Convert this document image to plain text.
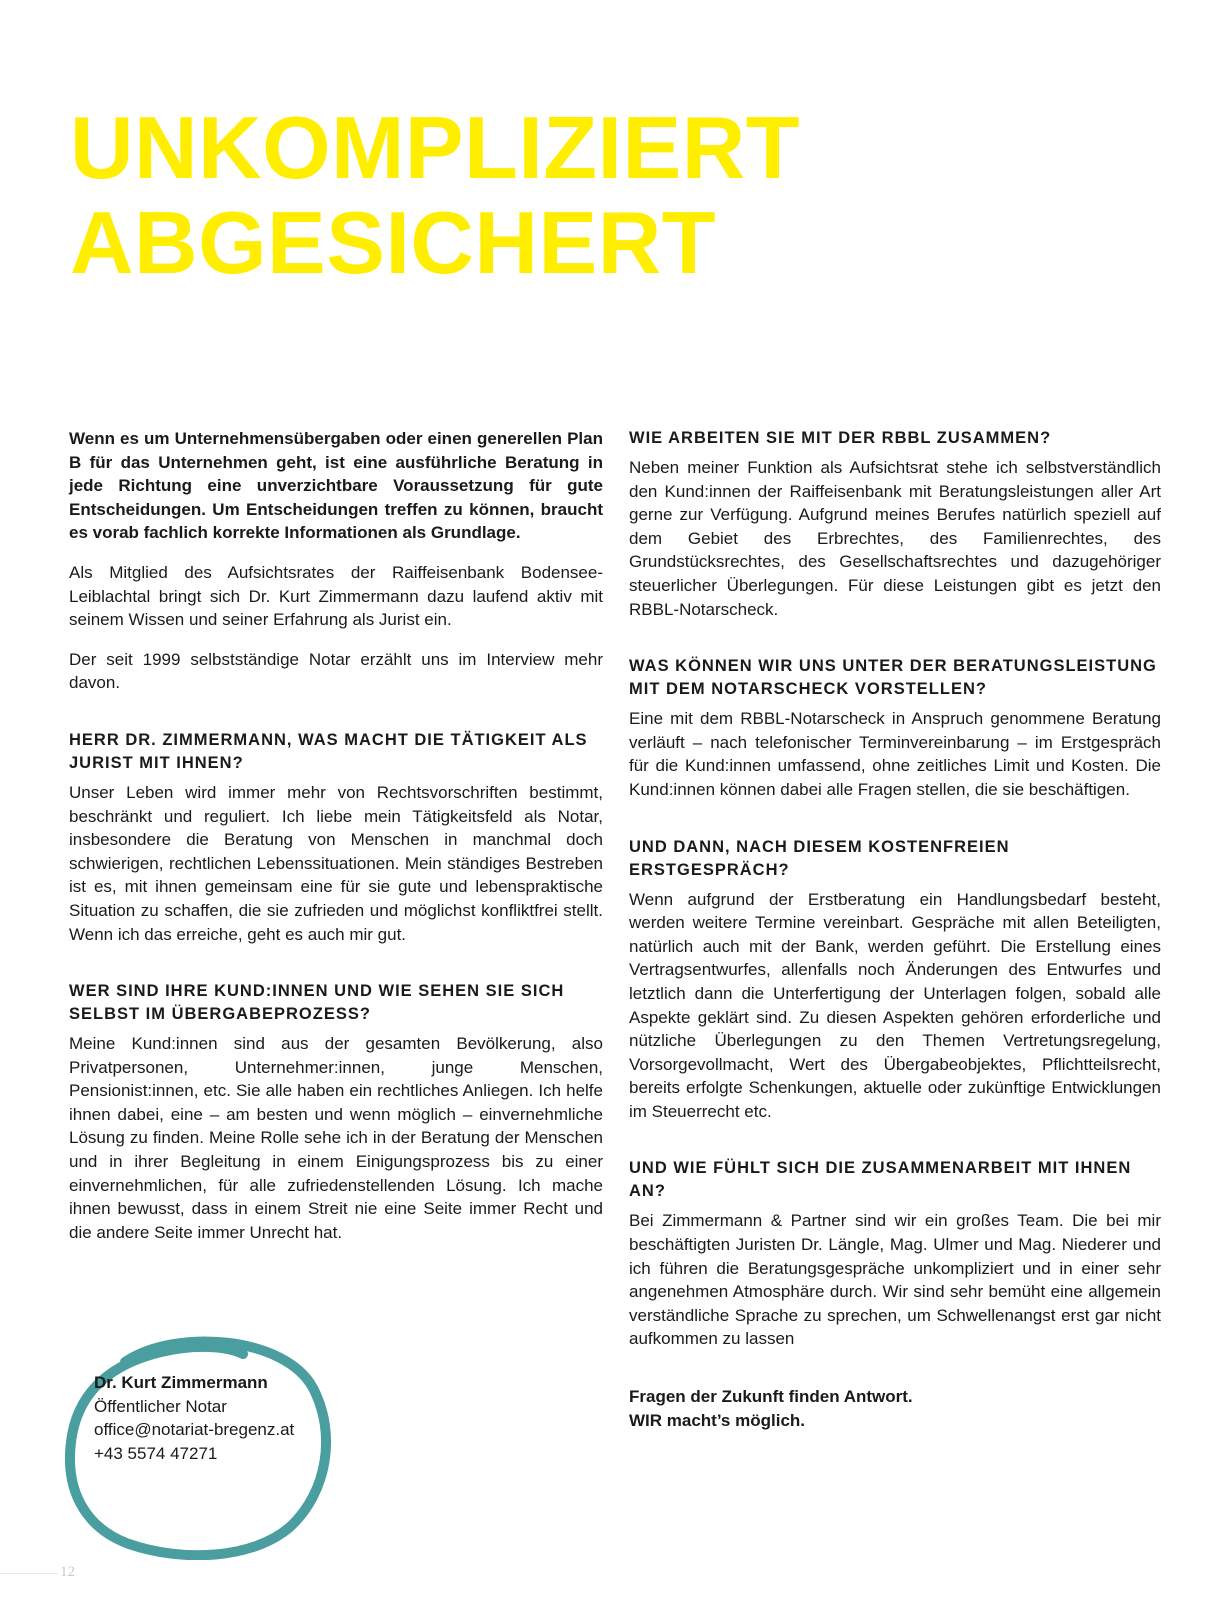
UNKOMPLIZIERT
ABGESICHERT

Wenn es um Unternehmensübergaben oder einen generellen Plan B für das Unternehmen geht, ist eine ausführliche Beratung in jede Richtung eine unverzichtbare Voraussetzung für gute Entscheidungen. Um Entscheidungen treffen zu können, braucht es vorab fachlich korrekte Informationen als Grundlage.

Als Mitglied des Aufsichtsrates der Raiffeisenbank Bodensee-Leiblachtal bringt sich Dr. Kurt Zimmermann dazu laufend aktiv mit seinem Wissen und seiner Erfahrung als Jurist ein.

Der seit 1999 selbstständige Notar erzählt uns im Interview mehr davon.

HERR DR. ZIMMERMANN, WAS MACHT DIE TÄTIGKEIT ALS JURIST MIT IHNEN?

Unser Leben wird immer mehr von Rechtsvorschriften bestimmt, beschränkt und reguliert. Ich liebe mein Tätigkeitsfeld als Notar, insbesondere die Beratung von Menschen in manchmal doch schwierigen, rechtlichen Lebenssituationen. Mein ständiges Bestreben ist es, mit ihnen gemeinsam eine für sie gute und lebenspraktische Situation zu schaffen, die sie zufrieden und möglichst konfliktfrei stellt. Wenn ich das erreiche, geht es auch mir gut.

WER SIND IHRE KUND:INNEN UND WIE SEHEN SIE SICH SELBST IM ÜBERGABEPROZESS?

Meine Kund:innen sind aus der gesamten Bevölkerung, also Privatpersonen, Unternehmer:innen, junge Menschen, Pensionist:innen, etc. Sie alle haben ein rechtliches Anliegen. Ich helfe ihnen dabei, eine – am besten und wenn möglich – einvernehmliche Lösung zu finden. Meine Rolle sehe ich in der Beratung der Menschen und in ihrer Begleitung in einem Einigungsprozess bis zu einer einvernehmlichen, für alle zufriedenstellenden Lösung. Ich mache ihnen bewusst, dass in einem Streit nie eine Seite immer Recht und die andere Seite immer Unrecht hat.

WIE ARBEITEN SIE MIT DER RBBL ZUSAMMEN?

Neben meiner Funktion als Aufsichtsrat stehe ich selbstverständlich den Kund:innen der Raiffeisenbank mit Beratungsleistungen aller Art gerne zur Verfügung. Aufgrund meines Berufes natürlich speziell auf dem Gebiet des Erbrechtes, des Familienrechtes, des Grundstücksrechtes, des Gesellschaftsrechtes und dazugehöriger steuerlicher Überlegungen. Für diese Leistungen gibt es jetzt den RBBL-Notarscheck.

WAS KÖNNEN WIR UNS UNTER DER BERATUNGSLEISTUNG MIT DEM NOTARSCHECK VORSTELLEN?

Eine mit dem RBBL-Notarscheck in Anspruch genommene Beratung verläuft – nach telefonischer Terminvereinbarung – im Erstgespräch für die Kund:innen umfassend, ohne zeitliches Limit und Kosten. Die Kund:innen können dabei alle Fragen stellen, die sie beschäftigen.

UND DANN, NACH DIESEM KOSTENFREIEN ERSTGESPRÄCH?

Wenn aufgrund der Erstberatung ein Handlungsbedarf besteht, werden weitere Termine vereinbart. Gespräche mit allen Beteiligten, natürlich auch mit der Bank, werden geführt. Die Erstellung eines Vertragsentwurfes, allenfalls noch Änderungen des Entwurfes und letztlich dann die Unterfertigung der Unterlagen folgen, sobald alle Aspekte geklärt sind. Zu diesen Aspekten gehören erforderliche und nützliche Überlegungen zu den Themen Vertretungsregelung, Vorsorgevollmacht, Wert des Übergabeobjektes, Pflichtteilsrecht, bereits erfolgte Schenkungen, aktuelle oder zukünftige Entwicklungen im Steuerrecht etc.

UND WIE FÜHLT SICH DIE ZUSAMMENARBEIT MIT IHNEN AN?

Bei Zimmermann & Partner sind wir ein großes Team. Die bei mir beschäftigten Juristen Dr. Längle, Mag. Ulmer und Mag. Niederer und ich führen die Beratungsgespräche unkompliziert und in einer sehr angenehmen Atmosphäre durch. Wir sind sehr bemüht eine allgemein verständliche Sprache zu sprechen, um Schwellenangst erst gar nicht aufkommen zu lassen

Fragen der Zukunft finden Antwort.

WIR macht’s möglich.

Dr. Kurt Zimmermann
Öffentlicher Notar
office@notariat-bregenz.at
+43 5574 47271
12
